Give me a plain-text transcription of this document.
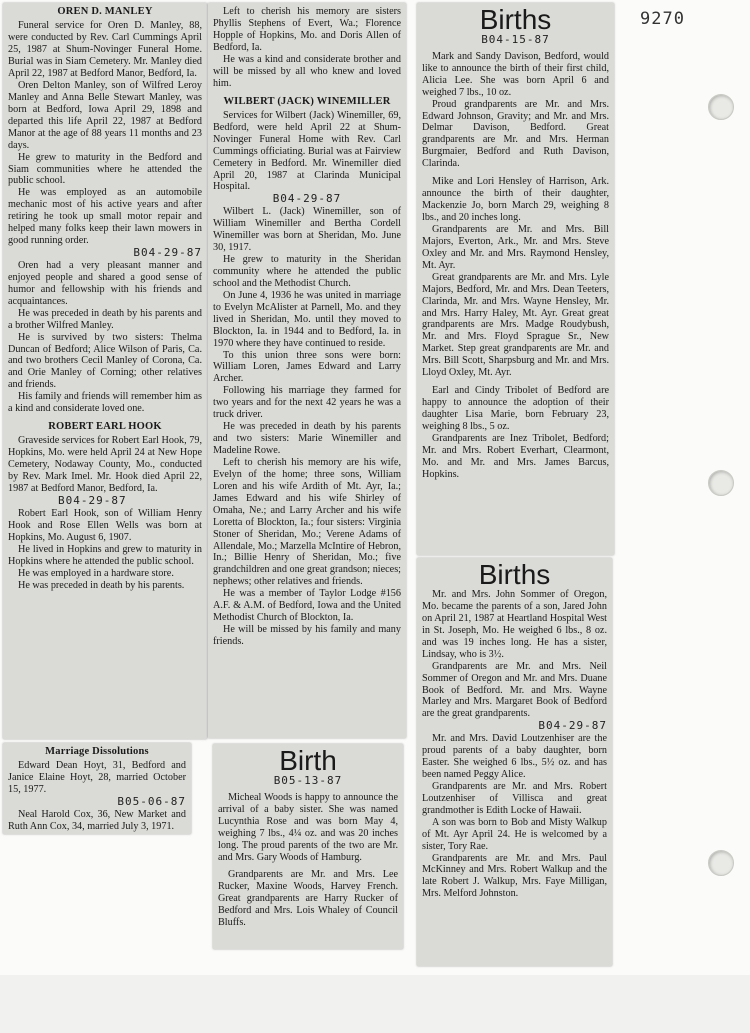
9270
OREN D. MANLEY

Funeral service for Oren D. Manley, 88, were conducted by Rev. Carl Cummings April 25, 1987 at Shum-Novinger Funeral Home. Burial was in Siam Cemetery. Mr. Manley died April 22, 1987 at Bedford Manor, Bedford, Ia.

Oren Delton Manley, son of Wilfred Leroy Manley and Anna Belle Stewart Manley, was born at Bedford, Iowa April 29, 1898 and departed this life April 22, 1987 at Bedford Manor at the age of 88 years 11 months and 23 days.

He grew to maturity in the Bedford and Siam communities where he attended the public school.

He was employed as an automobile mechanic most of his active years and after retiring he took up small motor repair and helped many folks keep their lawn mowers in good running order.

B04-29-87

Oren had a very pleasant manner and enjoyed people and shared a good sense of humor and fellowship with his friends and acquaintances.

He was preceded in death by his parents and a brother Wilfred Manley.

He is survived by two sisters: Thelma Duncan of Bedford; Alice Wilson of Paris, Ca. and two brothers Cecil Manley of Corona, Ca. and Orie Manley of Corning; other relatives and friends.

His family and friends will remember him as a kind and considerate loved one.

ROBERT EARL HOOK

Graveside services for Robert Earl Hook, 79, Hopkins, Mo. were held April 24 at New Hope Cemetery, Nodaway County, Mo., conducted by Rev. Mark Imel. Mr. Hook died April 22, 1987 at Bedford Manor, Bedford, Ia.

B04-29-87

Robert Earl Hook, son of William Henry Hook and Rose Ellen Wells was born at Hopkins, Mo. August 6, 1907.

He lived in Hopkins and grew to maturity in Hopkins where he attended the public school.

He was employed in a hardware store.

He was preceded in death by his parents.

Marriage Dissolutions

Edward Dean Hoyt, 31, Bedford and Janice Elaine Hoyt, 28, married October 15, 1977.

B05-06-87

Neal Harold Cox, 36, New Market and Ruth Ann Cox, 34, married July 3, 1971.

Left to cherish his memory are sisters Phyllis Stephens of Evert, Wa.; Florence Hopple of Hopkins, Mo. and Doris Allen of Bedford, Ia.

He was a kind and considerate brother and will be missed by all who knew and loved him.

WILBERT (JACK) WINEMILLER

Services for Wilbert (Jack) Winemiller, 69, Bedford, were held April 22 at Shum-Novinger Funeral Home with Rev. Carl Cummings officiating. Burial was at Fairview Cemetery in Bedford. Mr. Winemiller died April 20, 1987 at Clarinda Municipal Hospital.

B04-29-87

Wilbert L. (Jack) Winemiller, son of William Winemiller and Bertha Cordell Winemiller was born at Sheridan, Mo. June 30, 1917.

He grew to maturity in the Sheridan community where he attended the public school and the Methodist Church.

On June 4, 1936 he was united in marriage to Evelyn McAlister at Parnell, Mo. and they lived in Sheridan, Mo. until they moved to Blockton, Ia. in 1944 and to Bedford, Ia. in 1970 where they have continued to reside.

To this union three sons were born: William Loren, James Edward and Larry Archer.

Following his marriage they farmed for two years and for the next 42 years he was a truck driver.

He was preceded in death by his parents and two sisters: Marie Winemiller and Madeline Rowe.

Left to cherish his memory are his wife, Evelyn of the home; three sons, William Loren and his wife Ardith of Mt. Ayr, Ia.; James Edward and his wife Shirley of Omaha, Ne.; and Larry Archer and his wife Loretta of Blockton, Ia.; four sisters: Virginia Stoner of Sheridan, Mo.; Verene Adams of Allendale, Mo.; Marzella McIntire of Hebron, In.; Billie Henry of Sheridan, Mo.; five grandchildren and one great grandson; nieces; nephews; other relatives and friends.

He was a member of Taylor Lodge #156 A.F. & A.M. of Bedford, Iowa and the United Methodist Church of Blockton, Ia.

He will be missed by his family and many friends.

Birth
B05-13-87

Micheal Woods is happy to announce the arrival of a baby sister. She was named Lucynthia Rose and was born May 4, weighing 7 lbs., 4¼ oz. and was 20 inches long. The proud parents of the two are Mr. and Mrs. Gary Woods of Hamburg.

Grandparents are Mr. and Mrs. Lee Rucker, Maxine Woods, Harvey French. Great grandparents are Harry Rucker of Bedford and Mrs. Lois Whaley of Council Bluffs.

Births
B04-15-87

Mark and Sandy Davison, Bedford, would like to announce the birth of their first child, Alicia Lee. She was born April 6 and weighed 7 lbs., 10 oz.

Proud grandparents are Mr. and Mrs. Edward Johnson, Gravity; and Mr. and Mrs. Delmar Davison, Bedford. Great grandparents are Mr. and Mrs. Herman Burgmaier, Bedford and Ruth Davison, Clarinda.

Mike and Lori Hensley of Harrison, Ark. announce the birth of their daughter, Mackenzie Jo, born March 29, weighing 8 lbs., and 20 inches long.

Grandparents are Mr. and Mrs. Bill Majors, Everton, Ark., Mr. and Mrs. Steve Oxley and Mr. and Mrs. Raymond Hensley, Mt. Ayr.

Great grandparents are Mr. and Mrs. Lyle Majors, Bedford, Mr. and Mrs. Dean Teeters, Clarinda, Mr. and Mrs. Wayne Hensley, Mr. and Mrs. Harry Haley, Mt. Ayr. Great great grandparents are Mrs. Madge Roudybush, Mr. and Mrs. Floyd Sprague Sr., New Market. Step great grandparents are Mr. and Mrs. Bill Scott, Sharpsburg and Mr. and Mrs. Lloyd Oxley, Mt. Ayr.

Earl and Cindy Tribolet of Bedford are happy to announce the adoption of their daughter Lisa Marie, born February 23, weighing 8 lbs., 5 oz.

Grandparents are Inez Tribolet, Bedford; Mr. and Mrs. Robert Everhart, Clearmont, Mo. and Mr. and Mrs. James Barcus, Hopkins.

Births

Mr. and Mrs. John Sommer of Oregon, Mo. became the parents of a son, Jared John on April 21, 1987 at Heartland Hospital West in St. Joseph, Mo. He weighed 6 lbs., 8 oz. and was 19 inches long. He has a sister, Lindsay, who is 3½.

Grandparents are Mr. and Mrs. Neil Sommer of Oregon and Mr. and Mrs. Duane Book of Bedford. Mr. and Mrs. Wayne Marley and Mrs. Margaret Book of Bedford are the great grandparents.

B04-29-87

Mr. and Mrs. David Loutzenhiser are the proud parents of a baby daughter, born Easter. She weighed 6 lbs., 5½ oz. and has been named Peggy Alice.

Grandparents are Mr. and Mrs. Robert Loutzenhiser of Villisca and great grandmother is Edith Locke of Hawaii.

A son was born to Bob and Misty Walkup of Mt. Ayr April 24. He is welcomed by a sister, Tory Rae.

Grandparents are Mr. and Mrs. Paul McKinney and Mrs. Robert Walkup and the late Robert J. Walkup, Mrs. Faye Milligan, Mrs. Melford Johnston.
